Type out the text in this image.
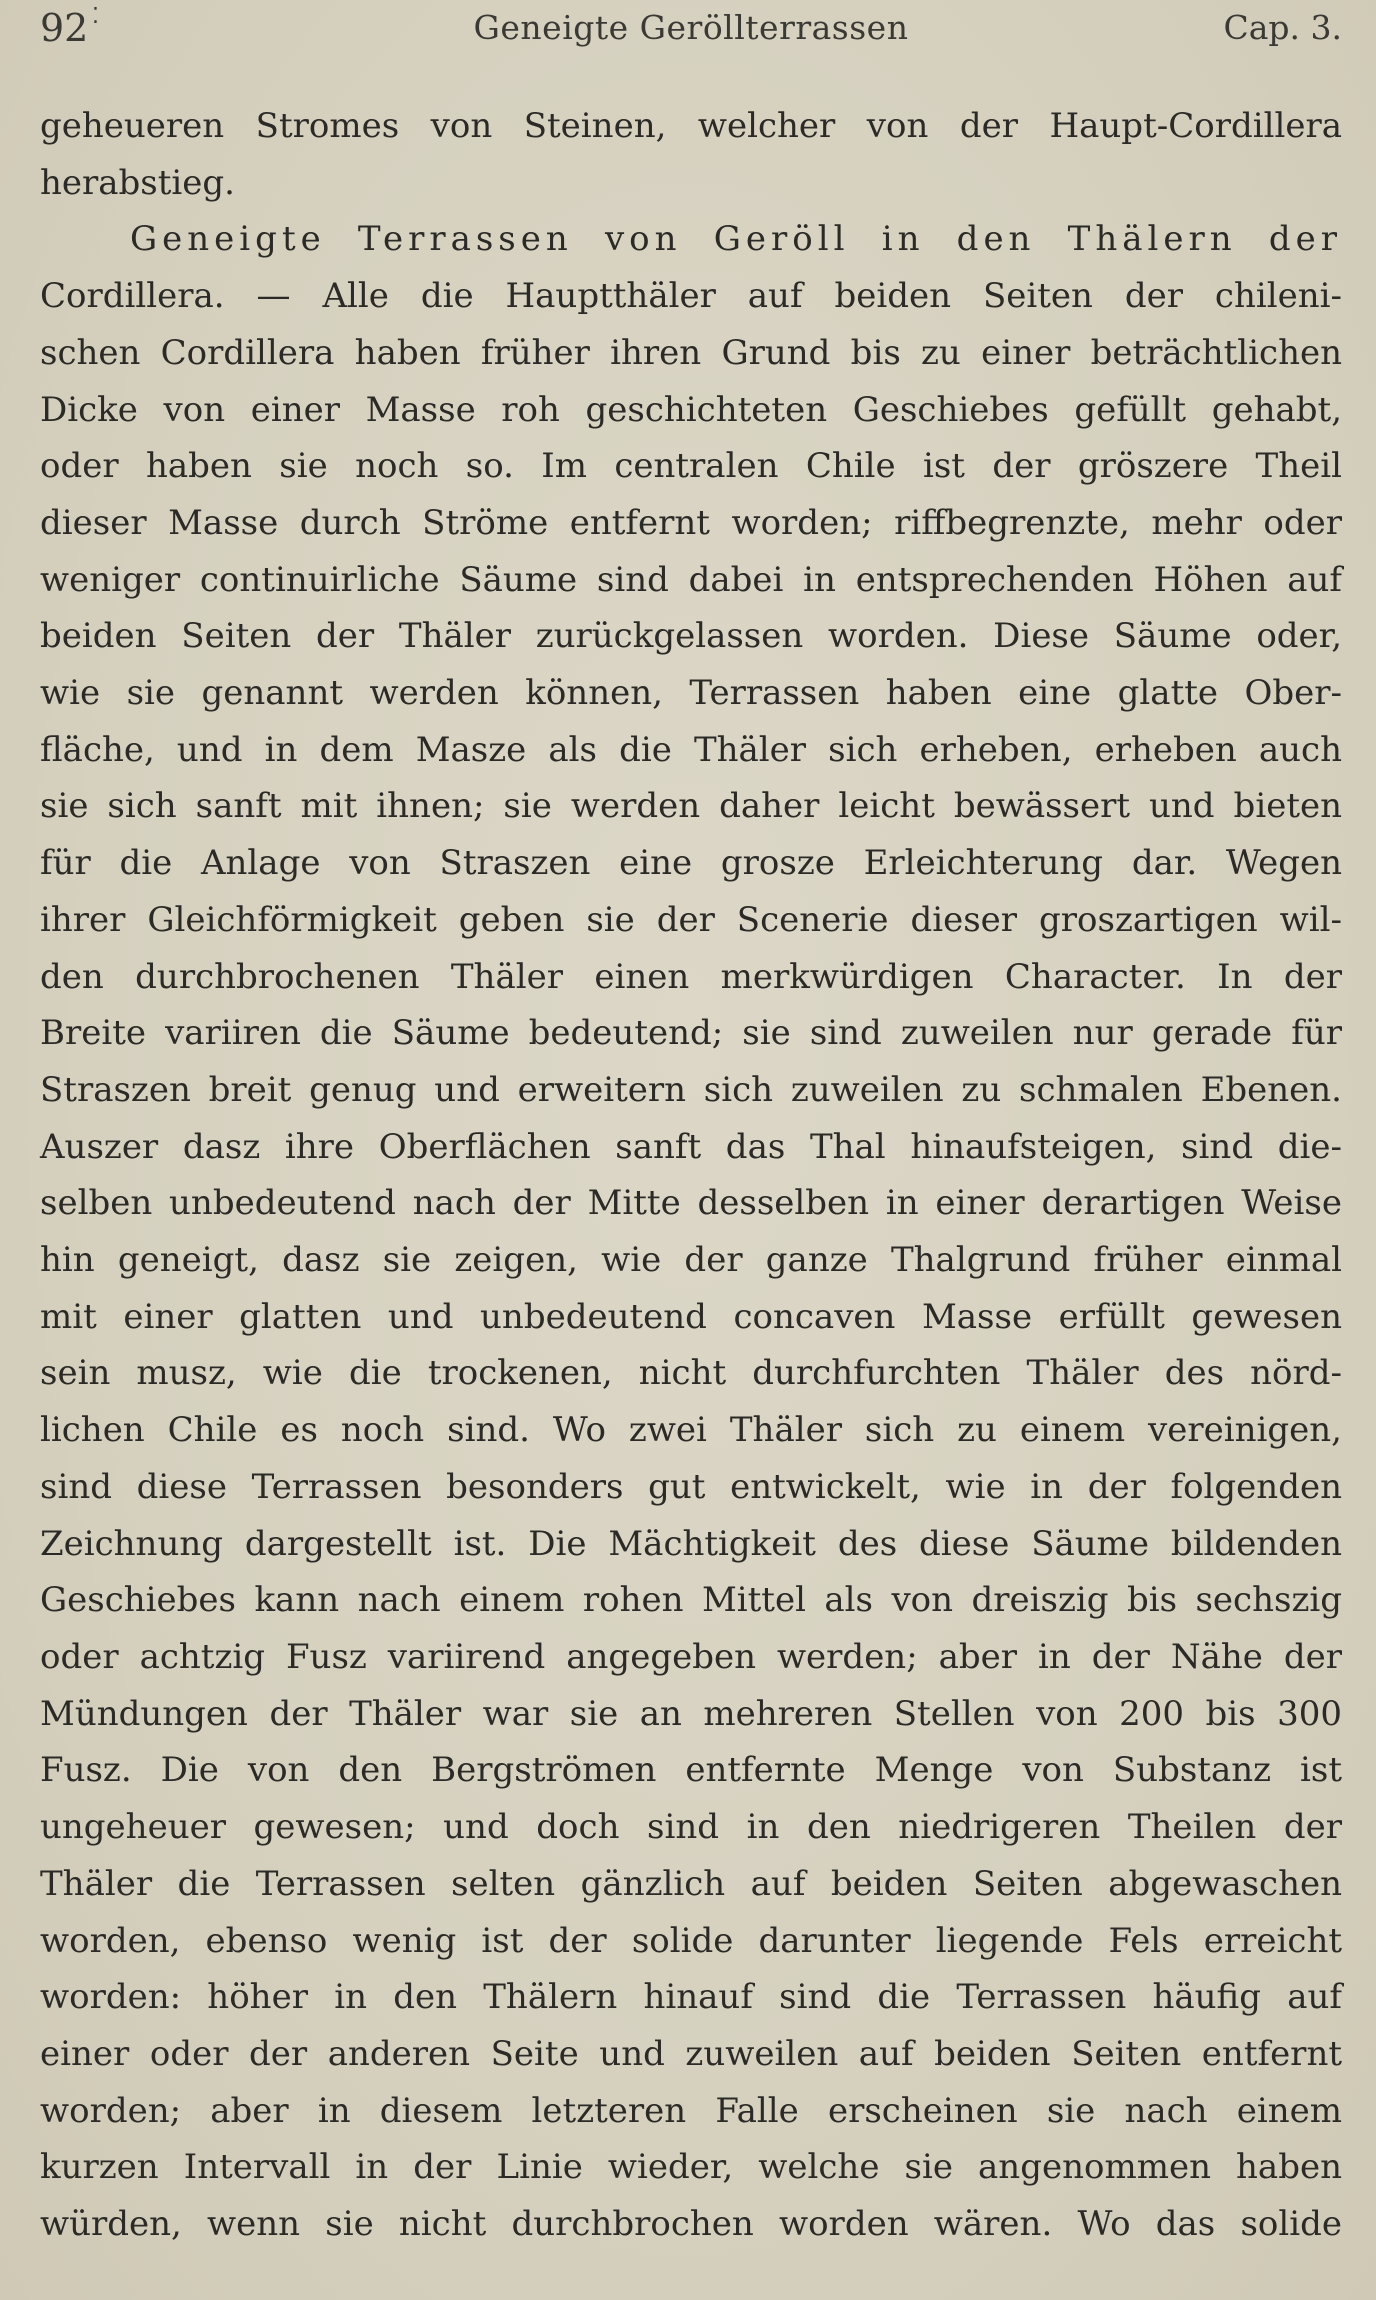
92 ⁚	Geneigte Geröllterrassen	Cap. 3.
geheueren Stromes von Steinen, welcher von der Haupt-Cordillera
herabstieg.
Geneigte Terrassen von Geröll in den Thälern der
Cordillera. — Alle die Hauptthäler auf beiden Seiten der chileni-
schen Cordillera haben früher ihren Grund bis zu einer beträchtlichen
Dicke von einer Masse roh geschichteten Geschiebes gefüllt gehabt,
oder haben sie noch so. Im centralen Chile ist der gröszere Theil
dieser Masse durch Ströme entfernt worden; riffbegrenzte, mehr oder
weniger continuirliche Säume sind dabei in entsprechenden Höhen auf
beiden Seiten der Thäler zurückgelassen worden. Diese Säume oder,
wie sie genannt werden können, Terrassen haben eine glatte Ober-
fläche, und in dem Masze als die Thäler sich erheben, erheben auch
sie sich sanft mit ihnen; sie werden daher leicht bewässert und bieten
für die Anlage von Straszen eine grosze Erleichterung dar. Wegen
ihrer Gleichförmigkeit geben sie der Scenerie dieser groszartigen wil-
den durchbrochenen Thäler einen merkwürdigen Character. In der
Breite variiren die Säume bedeutend; sie sind zuweilen nur gerade für
Straszen breit genug und erweitern sich zuweilen zu schmalen Ebenen.
Auszer dasz ihre Oberflächen sanft das Thal hinaufsteigen, sind die-
selben unbedeutend nach der Mitte desselben in einer derartigen Weise
hin geneigt, dasz sie zeigen, wie der ganze Thalgrund früher einmal
mit einer glatten und unbedeutend concaven Masse erfüllt gewesen
sein musz, wie die trockenen, nicht durchfurchten Thäler des nörd-
lichen Chile es noch sind. Wo zwei Thäler sich zu einem vereinigen,
sind diese Terrassen besonders gut entwickelt, wie in der folgenden
Zeichnung dargestellt ist. Die Mächtigkeit des diese Säume bildenden
Geschiebes kann nach einem rohen Mittel als von dreiszig bis sechszig
oder achtzig Fusz variirend angegeben werden; aber in der Nähe der
Mündungen der Thäler war sie an mehreren Stellen von 200 bis 300
Fusz. Die von den Bergströmen entfernte Menge von Substanz ist
ungeheuer gewesen; und doch sind in den niedrigeren Theilen der
Thäler die Terrassen selten gänzlich auf beiden Seiten abgewaschen
worden, ebenso wenig ist der solide darunter liegende Fels erreicht
worden: höher in den Thälern hinauf sind die Terrassen häufig auf
einer oder der anderen Seite und zuweilen auf beiden Seiten entfernt
worden; aber in diesem letzteren Falle erscheinen sie nach einem
kurzen Intervall in der Linie wieder, welche sie angenommen haben
würden, wenn sie nicht durchbrochen worden wären. Wo das solide
